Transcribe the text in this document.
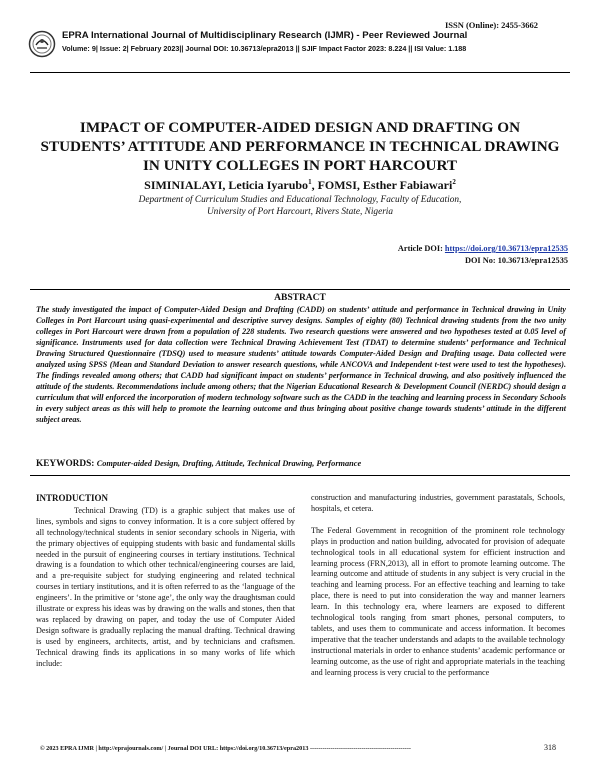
ISSN (Online): 2455-3662
EPRA International Journal of Multidisciplinary Research (IJMR) - Peer Reviewed Journal
Volume: 9| Issue: 2| February 2023|| Journal DOI: 10.36713/epra2013 || SJIF Impact Factor 2023: 8.224 || ISI Value: 1.188
IMPACT OF COMPUTER-AIDED DESIGN AND DRAFTING ON STUDENTS’ ATTITUDE AND PERFORMANCE IN TECHNICAL DRAWING IN UNITY COLLEGES IN PORT HARCOURT
SIMINIALAYI, Leticia Iyarubo$^1$, FOMSI, Esther Fabiawari$^2$
Department of Curriculum Studies and Educational Technology, Faculty of Education,
University of Port Harcourt, Rivers State, Nigeria
Article DOI: https://doi.org/10.36713/epra12535
DOI No: 10.36713/epra12535
ABSTRACT
The study investigated the impact of Computer-Aided Design and Drafting (CADD) on students’ attitude and performance in Technical drawing in Unity Colleges in Port Harcourt using quasi-experimental and descriptive survey designs. Samples of eighty (80) Technical drawing students from the two unity colleges in Port Harcourt were drawn from a population of 228 students. Two research questions were answered and two hypotheses tested at 0.05 level of significance. Instruments used for data collection were Technical Drawing Achievement Test (TDAT) to determine students’ performance and Technical Drawing Structured Questionnaire (TDSQ) used to measure students’ attitude towards Computer-Aided Design and Drafting usage. Data collected were analyzed using SPSS (Mean and Standard Deviation to answer research questions, while ANCOVA and Independent t-test were used to test the hypotheses). The findings revealed among others; that CADD had significant impact on students’ performance in Technical drawing, and also positively influenced the attitude of the students. Recommendations include among others; that the Nigerian Educational Research & Development Council (NERDC) should design a curriculum that will enforced the incorporation of modern technology software such as the CADD in the teaching and learning process in Secondary Schools in every subject areas as this will help to promote the learning outcome and thus bringing about positive change towards students’ attitude in the different subject areas.
KEYWORDS: Computer-aided Design, Drafting, Attitude, Technical Drawing, Performance
INTRODUCTION
Technical Drawing (TD) is a graphic subject that makes use of lines, symbols and signs to convey information. It is a core subject offered by all technology/technical students in senior secondary schools in Nigeria, with the primary objectives of equipping students with basic and fundamental skills needed in the pursuit of engineering courses in tertiary institutions. Technical drawing is a foundation to which other technical/engineering courses are laid, and a pre-requisite subject for studying engineering and related technical courses in tertiary institutions, and it is often referred to as the ‘language of the engineers’. In the primitive or ‘stone age’, the only way the draughtsman could illustrate or express his ideas was by drawing on the walls and stones, then that was replaced by drawing on paper, and today the use of Computer Aided Design software is gradually replacing the manual drafting. Technical drawing is used by engineers, architects, artist, and by technicians and craftsmen. Technical drawing finds its applications in so many works of life which include:
construction and manufacturing industries, government parastatals, Schools, hospitals, et cetera.
The Federal Government in recognition of the prominent role technology plays in production and nation building, advocated for provision of adequate technological tools in all educational system for efficient instruction and learning process (FRN,2013), all in effort to promote learning outcome. The learning outcome and attitude of students in any subject is very crucial in the teaching and learning process. For an effective teaching and learning to take place, there is need to put into consideration the way and manner learners learn. In this technology era, where learners are exposed to different technological tools ranging from smart phones, personal computers, to tablets, and uses them to communicate and access information. It becomes imperative that the teacher understands and adapts to the available technology instructional materials in order to enhance students’ academic performance or learning outcome, as the use of right and appropriate materials in the teaching and learning process is very crucial to the performance
© 2023 EPRA IJMR | http://eprajournals.com/ | Journal DOI URL: https://doi.org/10.36713/epra2013 -------------------------------------------------	318
